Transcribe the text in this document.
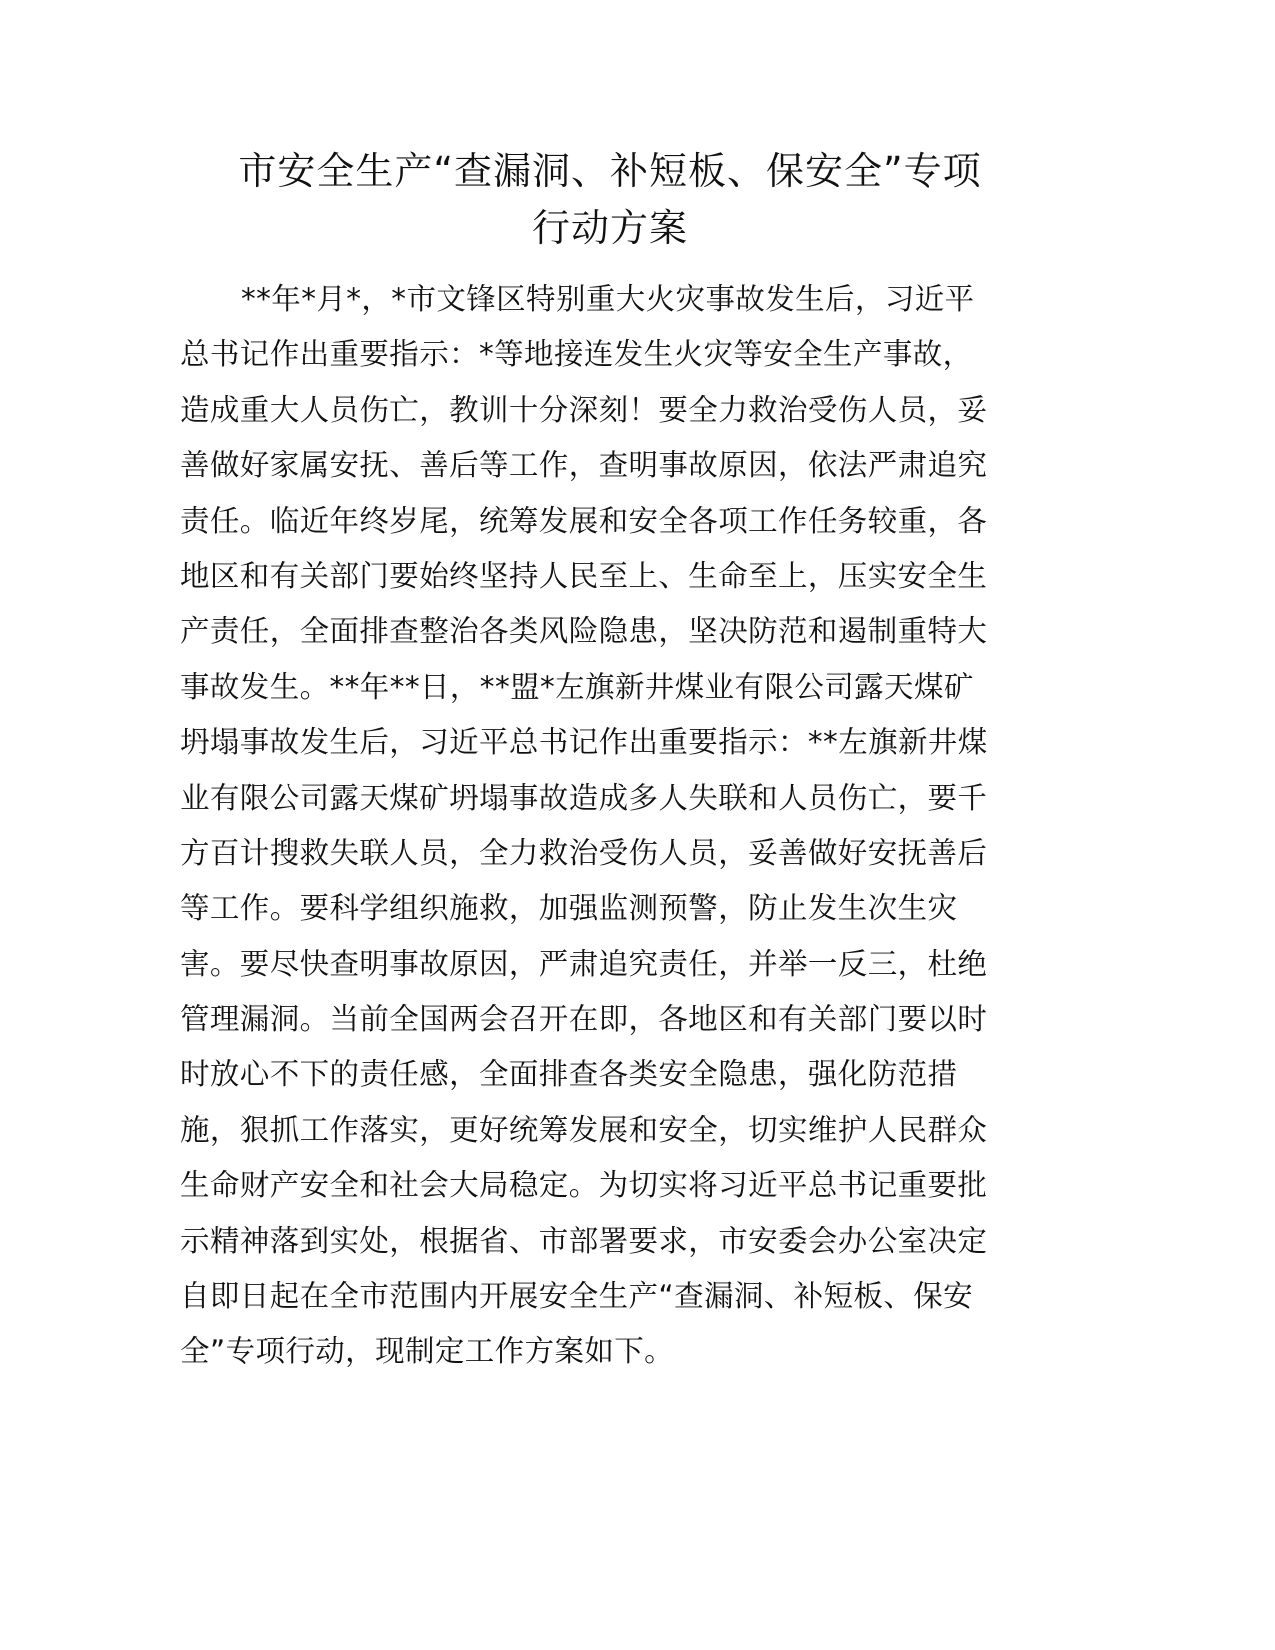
市安全生产“查漏洞、补短板、保安全”专项
行动方案
**年*月*，*市文锋区特别重大火灾事故发生后，习近平
总书记作出重要指示：*等地接连发生火灾等安全生产事故，
造成重大人员伤亡，教训十分深刻！要全力救治受伤人员，妥
善做好家属安抚、善后等工作，查明事故原因，依法严肃追究
责任。临近年终岁尾，统筹发展和安全各项工作任务较重，各
地区和有关部门要始终坚持人民至上、生命至上，压实安全生
产责任，全面排查整治各类风险隐患，坚决防范和遏制重特大
事故发生。**年**日，**盟*左旗新井煤业有限公司露天煤矿
坍塌事故发生后，习近平总书记作出重要指示：**左旗新井煤
业有限公司露天煤矿坍塌事故造成多人失联和人员伤亡，要千
方百计搜救失联人员，全力救治受伤人员，妥善做好安抚善后
等工作。要科学组织施救，加强监测预警，防止发生次生灾
害。要尽快查明事故原因，严肃追究责任，并举一反三，杜绝
管理漏洞。当前全国两会召开在即，各地区和有关部门要以时
时放心不下的责任感，全面排查各类安全隐患，强化防范措
施，狠抓工作落实，更好统筹发展和安全，切实维护人民群众
生命财产安全和社会大局稳定。为切实将习近平总书记重要批
示精神落到实处，根据省、市部署要求，市安委会办公室决定
自即日起在全市范围内开展安全生产“查漏洞、补短板、保安
全”专项行动，现制定工作方案如下。
